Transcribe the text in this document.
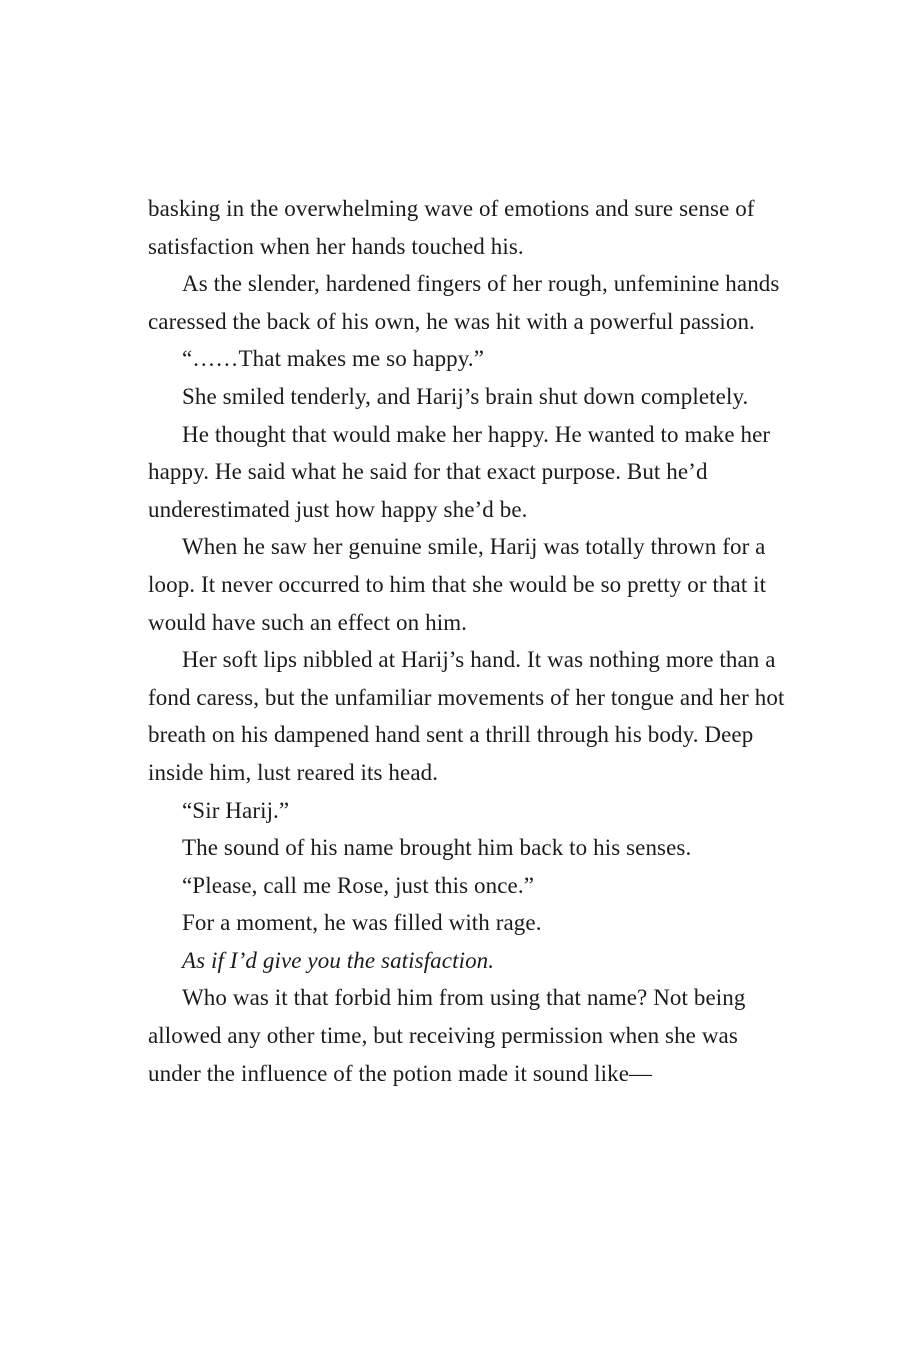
basking in the overwhelming wave of emotions and sure sense of satisfaction when her hands touched his.

As the slender, hardened fingers of her rough, unfeminine hands caressed the back of his own, he was hit with a powerful passion.

“……That makes me so happy.”

She smiled tenderly, and Harij’s brain shut down completely.

He thought that would make her happy. He wanted to make her happy. He said what he said for that exact purpose. But he’d underestimated just how happy she’d be.

When he saw her genuine smile, Harij was totally thrown for a loop. It never occurred to him that she would be so pretty or that it would have such an effect on him.

Her soft lips nibbled at Harij’s hand. It was nothing more than a fond caress, but the unfamiliar movements of her tongue and her hot breath on his dampened hand sent a thrill through his body. Deep inside him, lust reared its head.

“Sir Harij.”

The sound of his name brought him back to his senses.

“Please, call me Rose, just this once.”

For a moment, he was filled with rage.

As if I’d give you the satisfaction.

Who was it that forbid him from using that name? Not being allowed any other time, but receiving permission when she was under the influence of the potion made it sound like—
